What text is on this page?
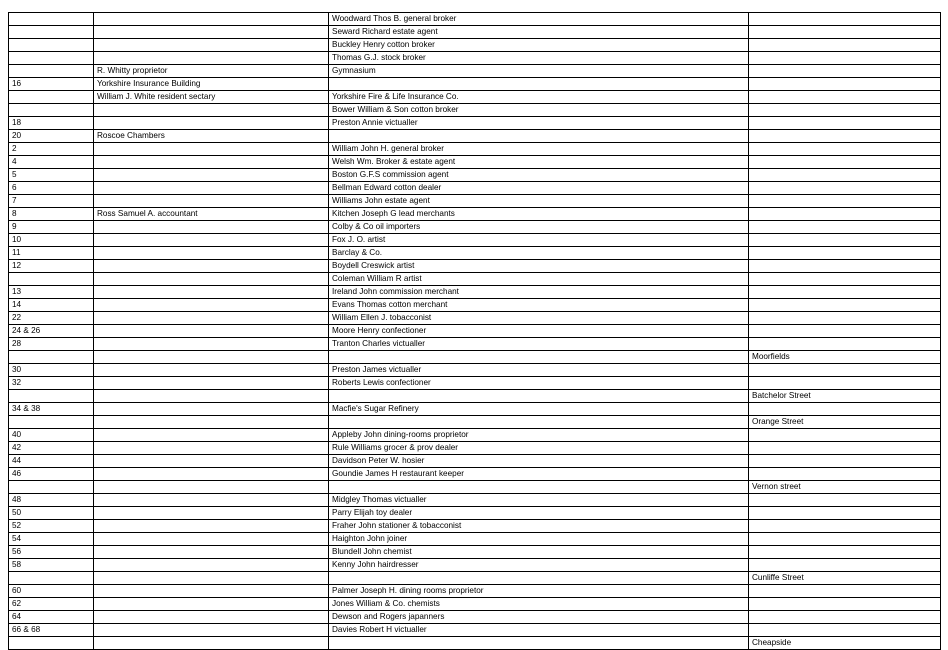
		Woodward Thos B. general broker	
		Seward Richard estate agent	
		Buckley Henry cotton broker	
		Thomas G.J. stock broker	
	R. Whitty proprietor	Gymnasium	
16	Yorkshire Insurance Building		
	William J. White resident sectary	Yorkshire Fire & Life Insurance Co.	
		Bower William & Son cotton broker	
18		Preston Annie victualler	
20	Roscoe Chambers		
2		William John H. general broker	
4		Welsh Wm. Broker & estate agent	
5		Boston G.F.S commission agent	
6		Bellman Edward cotton dealer	
7		Williams John estate agent	
8	Ross Samuel A. accountant	Kitchen Joseph G lead merchants	
9		Colby & Co oil importers	
10		Fox J. O. artist	
11		Barclay & Co.	
12		Boydell Creswick artist	
		Coleman William R artist	
13		Ireland John commission merchant	
14		Evans Thomas cotton merchant	
22		William Ellen J. tobacconist	
24 & 26		Moore Henry confectioner	
28		Tranton Charles victualler	
			Moorfields
30		Preston James victualler	
32		Roberts Lewis confectioner	
			Batchelor Street
34 & 38		Macfie's Sugar Refinery	
			Orange Street
40		Appleby John dining-rooms proprietor	
42		Rule Williams grocer & prov dealer	
44		Davidson Peter W. hosier	
46		Goundie James H restaurant keeper	
			Vernon street
48		Midgley Thomas victualler	
50		Parry Elijah toy dealer	
52		Fraher John stationer & tobacconist	
54		Haighton John joiner	
56		Blundell John chemist	
58		Kenny John hairdresser	
			Cunliffe Street
60		Palmer Joseph H. dining rooms proprietor	
62		Jones William & Co. chemists	
64		Dewson and Rogers japanners	
66 & 68		Davies Robert H victualler	
			Cheapside
